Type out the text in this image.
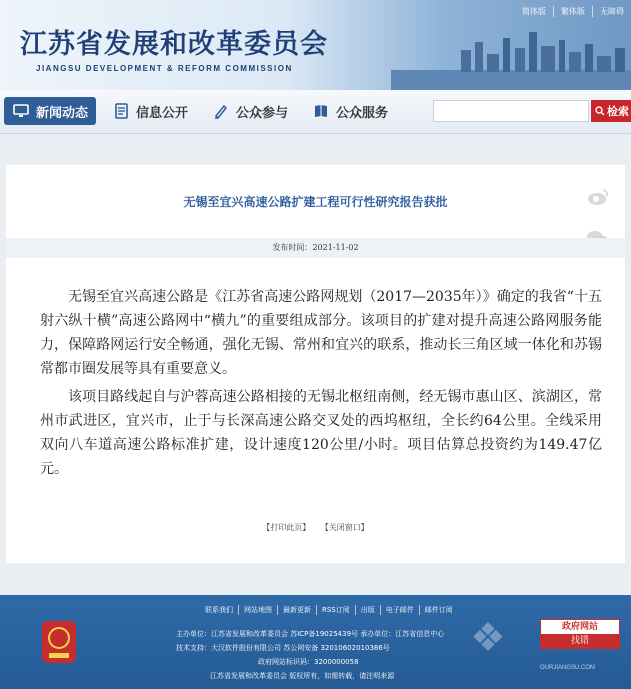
简体版	繁体版	无障碍
江苏省发展和改革委员会
JIANGSU DEVELOPMENT & REFORM COMMISSION
新闻动态	信息公开	公众参与	公众服务	检索
无锡至宜兴高速公路扩建工程可行性研究报告获批
发布时间：2021-11-02

无锡至宜兴高速公路是《江苏省高速公路网规划（2017—2035年）》确定的我省“十五射六纵十横”高速公路网中“横九”的重要组成部分。该项目的扩建对提升高速公路网服务能力，保障路网运行安全畅通，强化无锡、常州和宜兴的联系，推动长三角区域一体化和苏锡常都市圈发展等具有重要意义。

该项目路线起自与沪蓉高速公路相接的无锡北枢纽南侧，经无锡市惠山区、滨湖区，常州市武进区，宜兴市，止于与长深高速公路交叉处的西坞枢纽，全长约64公里。全线采用双向八车道高速公路标准扩建，设计速度120公里/小时。项目估算总投资约为149.47亿元。

【打印此页】 【关闭窗口】
联系我们	网站地图	最新更新	RSS订阅	出版	电子邮件	邮件订阅
主办单位：江苏省发展和改革委员会 苏ICP备19025439号 承办单位：江苏省信息中心
技术支持：大汉软件股份有限公司 苏公网安备 32010602010386号
政府网站标识码：3200000058
江苏省发展和改革委员会 版权所有，如需转载，请注明来源
❖	政府网站
找错
OURJIANGSU.COM
